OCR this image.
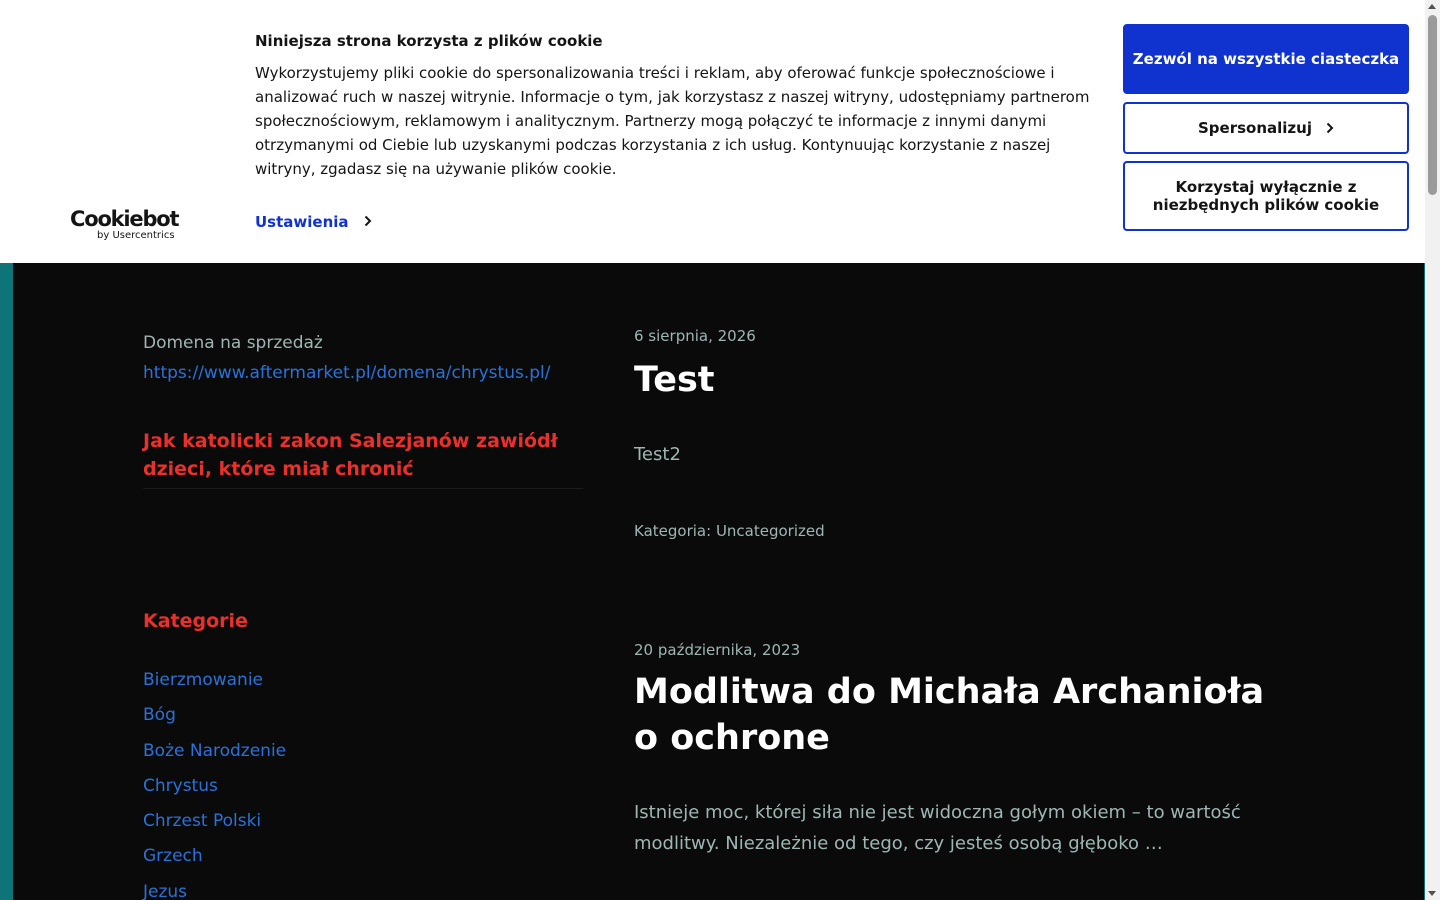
Domena na sprzedaż
https://www.aftermarket.pl/domena/chrystus.pl/
Jak katolicki zakon Salezjanów zawiódł dzieci, które miał chronić
Kategorie
Bierzmowanie
Bóg
Boże Narodzenie
Chrystus
Chrzest Polski
Grzech
Jezus
6 sierpnia, 2026
Test
Test2
Kategoria: Uncategorized
20 października, 2023
Modlitwa do Michała Archanioła o ochrone
Istnieje moc, której siła nie jest widoczna gołym okiem – to wartość modlitwy. Niezależnie od tego, czy jesteś osobą głęboko …
Cookiebot
by Usercentrics
Niniejsza strona korzysta z plików cookie

Wykorzystujemy pliki cookie do spersonalizowania treści i reklam, aby oferować funkcje społecznościowe i analizować ruch w naszej witrynie. Informacje o tym, jak korzystasz z naszej witryny, udostępniamy partnerom społecznościowym, reklamowym i analitycznym. Partnerzy mogą połączyć te informacje z innymi danymi otrzymanymi od Ciebie lub uzyskanymi podczas korzystania z ich usług. Kontynuując korzystanie z naszej witryny, zgadasz się na używanie plików cookie.

Ustawienia
Zezwól na wszystkie ciasteczka
Spersonalizuj
Korzystaj wyłącznie z niezbędnych plików cookie
